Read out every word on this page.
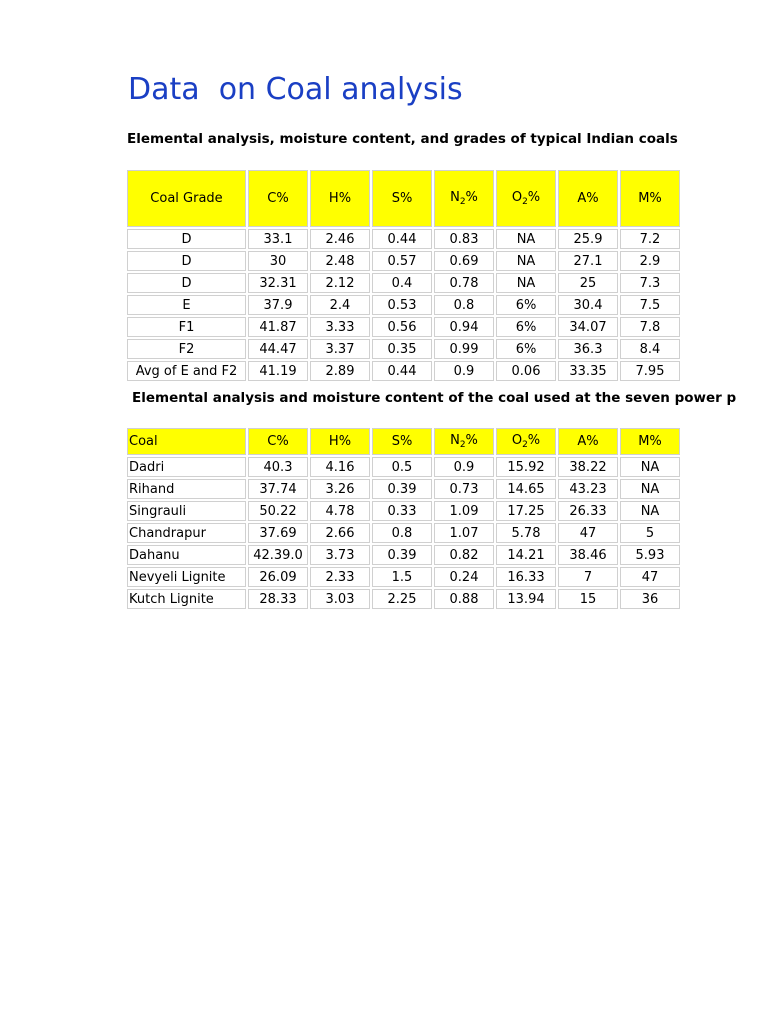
Data  on Coal analysis

Elemental analysis, moisture content, and grades of typical Indian coals

Coal Grade	C%	H%	S%	$N_2\%$	$O_2\%$	A%	M%
D	33.1	2.46	0.44	0.83	NA	25.9	7.2
D	30	2.48	0.57	0.69	NA	27.1	2.9
D	32.31	2.12	0.4	0.78	NA	25	7.3
E	37.9	2.4	0.53	0.8	6%	30.4	7.5
F1	41.87	3.33	0.56	0.94	6%	34.07	7.8
F2	44.47	3.37	0.35	0.99	6%	36.3	8.4
Avg of E and F2	41.19	2.89	0.44	0.9	0.06	33.35	7.95

Elemental analysis and moisture content of the coal used at the seven power p

Coal	C%	H%	S%	$N_2\%$	$O_2\%$	A%	M%
Dadri	40.3	4.16	0.5	0.9	15.92	38.22	NA
Rihand	37.74	3.26	0.39	0.73	14.65	43.23	NA
Singrauli	50.22	4.78	0.33	1.09	17.25	26.33	NA
Chandrapur	37.69	2.66	0.8	1.07	5.78	47	5
Dahanu	42.39.0	3.73	0.39	0.82	14.21	38.46	5.93
Nevyeli Lignite	26.09	2.33	1.5	0.24	16.33	7	47
Kutch Lignite	28.33	3.03	2.25	0.88	13.94	15	36
